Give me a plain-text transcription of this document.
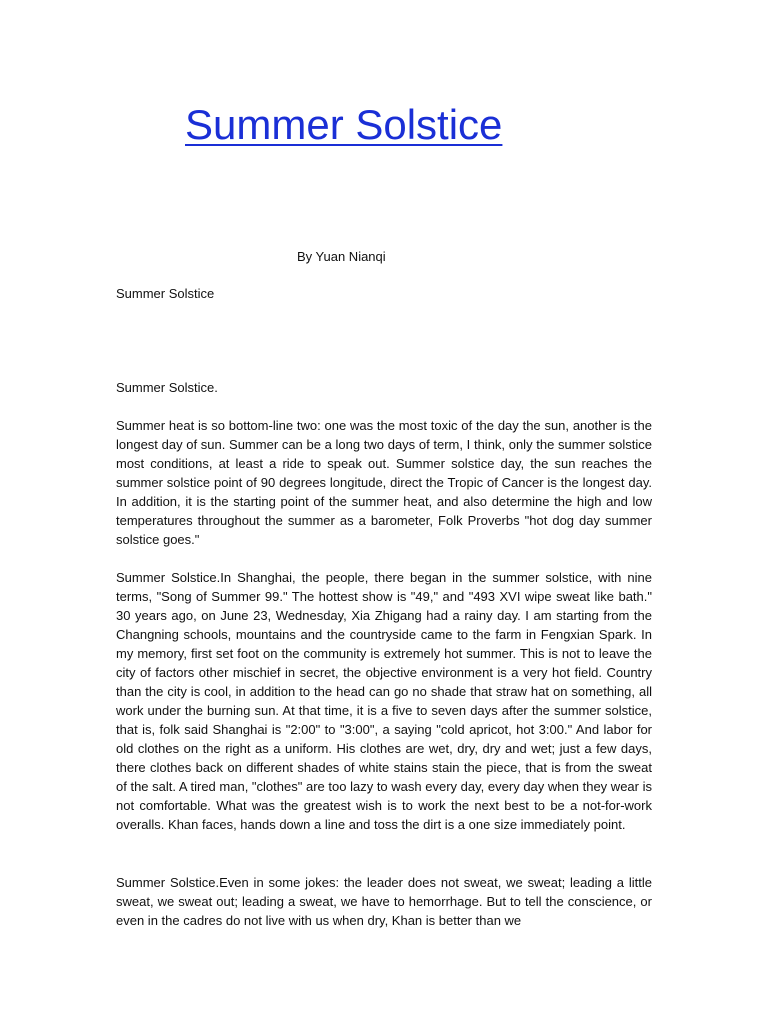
Summer Solstice
By Yuan Nianqi
Summer Solstice
Summer Solstice.

Summer heat is so bottom-line two: one was the most toxic of the day the sun, another is the longest day of sun. Summer can be a long two days of term, I think, only the summer solstice most conditions, at least a ride to speak out. Summer solstice day, the sun reaches the summer solstice point of 90 degrees longitude, direct the Tropic of Cancer is the longest day. In addition, it is the starting point of the summer heat, and also determine the high and low temperatures throughout the summer as a barometer, Folk Proverbs "hot dog day summer solstice goes."

Summer Solstice.In Shanghai, the people, there began in the summer solstice, with nine terms, "Song of Summer 99." The hottest show is "49," and "493 XVI wipe sweat like bath." 30 years ago, on June 23, Wednesday, Xia Zhigang had a rainy day. I am starting from the Changning schools, mountains and the countryside came to the farm in Fengxian Spark. In my memory, first set foot on the community is extremely hot summer. This is not to leave the city of factors other mischief in secret, the objective environment is a very hot field. Country than the city is cool, in addition to the head can go no shade that straw hat on something, all work under the burning sun. At that time, it is a five to seven days after the summer solstice, that is, folk said Shanghai is "2:00" to "3:00", a saying "cold apricot, hot 3:00." And labor for old clothes on the right as a uniform. His clothes are wet, dry, dry and wet; just a few days, there clothes back on different shades of white stains stain the piece, that is from the sweat of the salt. A tired man, "clothes" are too lazy to wash every day, every day when they wear is not comfortable. What was the greatest wish is to work the next best to be a not-for-work overalls. Khan faces, hands down a line and toss the dirt is a one size immediately point.

Summer Solstice.Even in some jokes: the leader does not sweat, we sweat; leading a little sweat, we sweat out; leading a sweat, we have to hemorrhage. But to tell the conscience, or even in the cadres do not live with us when dry, Khan is better than we
